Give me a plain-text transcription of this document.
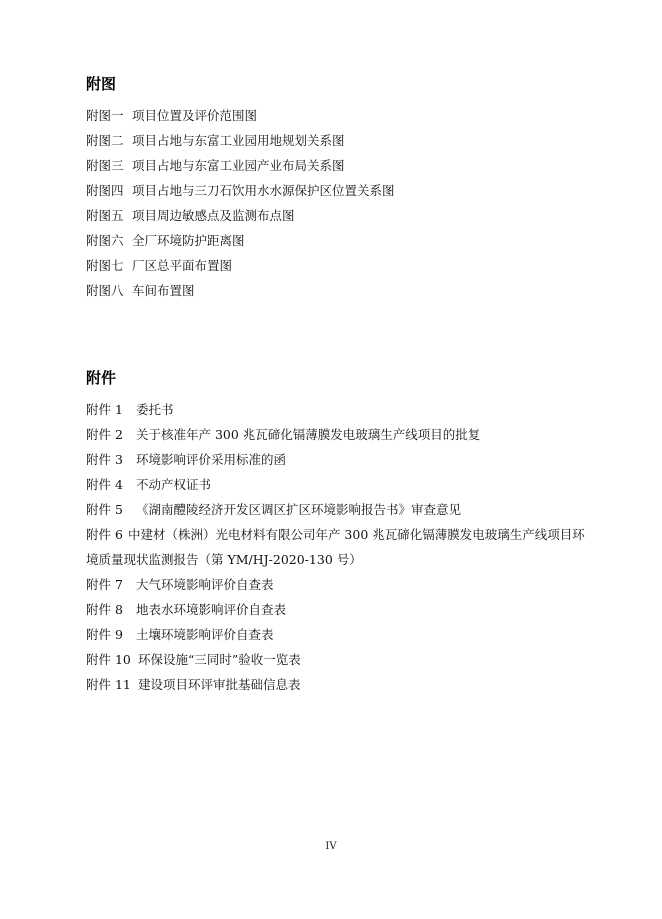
附图
附图一 项目位置及评价范围图
附图二 项目占地与东富工业园用地规划关系图
附图三 项目占地与东富工业园产业布局关系图
附图四 项目占地与三刀石饮用水水源保护区位置关系图
附图五 项目周边敏感点及监测布点图
附图六 全厂环境防护距离图
附图七 厂区总平面布置图
附图八 车间布置图
附件
附件 1 委托书
附件 2 关于核准年产 300 兆瓦碲化镉薄膜发电玻璃生产线项目的批复
附件 3 环境影响评价采用标准的函
附件 4 不动产权证书
附件 5 《湖南醴陵经济开发区调区扩区环境影响报告书》审查意见
附件 6 中建材（株洲）光电材料有限公司年产 300 兆瓦碲化镉薄膜发电玻璃生产线项目环境质量现状监测报告（第 YM/HJ-2020-130 号）
附件 7 大气环境影响评价自查表
附件 8 地表水环境影响评价自查表
附件 9 土壤环境影响评价自查表
附件 10 环保设施“三同时”验收一览表
附件 11 建设项目环评审批基础信息表
IV
